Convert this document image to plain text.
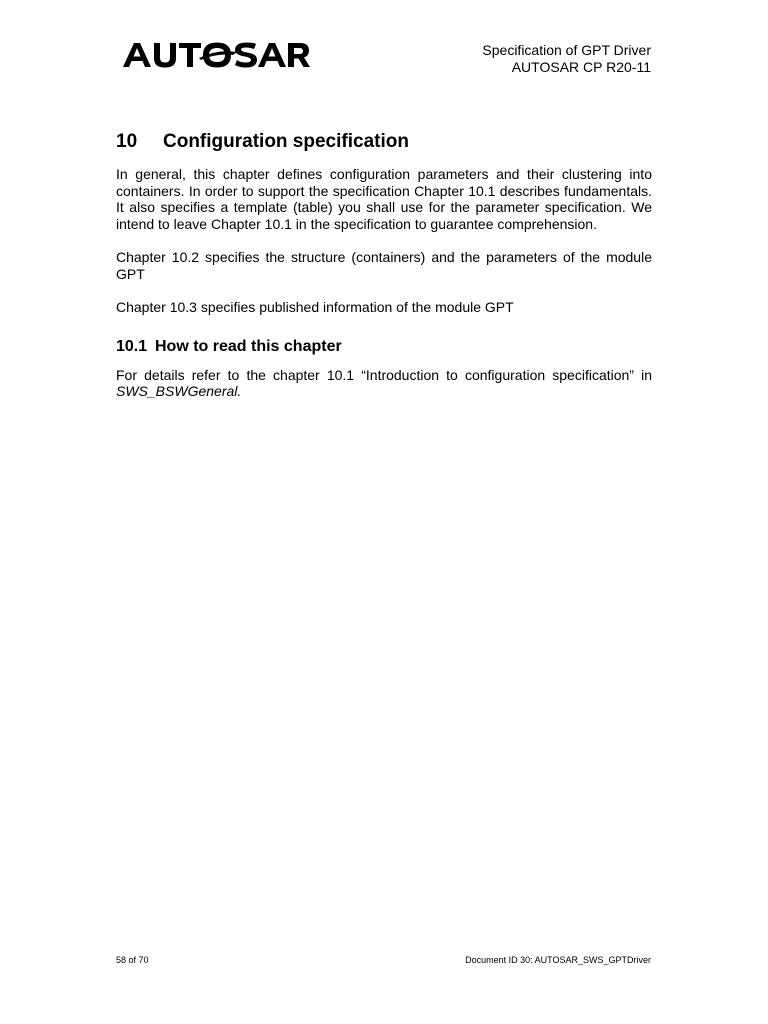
Specification of GPT Driver
AUTOSAR CP R20-11
10	Configuration specification

In general, this chapter defines configuration parameters and their clustering into containers. In order to support the specification Chapter 10.1 describes fundamentals. It also specifies a template (table) you shall use for the parameter specification. We intend to leave Chapter 10.1 in the specification to guarantee comprehension.

Chapter 10.2 specifies the structure (containers) and the parameters of the module GPT

Chapter 10.3 specifies published information of the module GPT

10.1 How to read this chapter

For details refer to the chapter 10.1 “Introduction to configuration specification” in SWS_BSWGeneral.

58 of 70	Document ID 30: AUTOSAR_SWS_GPTDriver
